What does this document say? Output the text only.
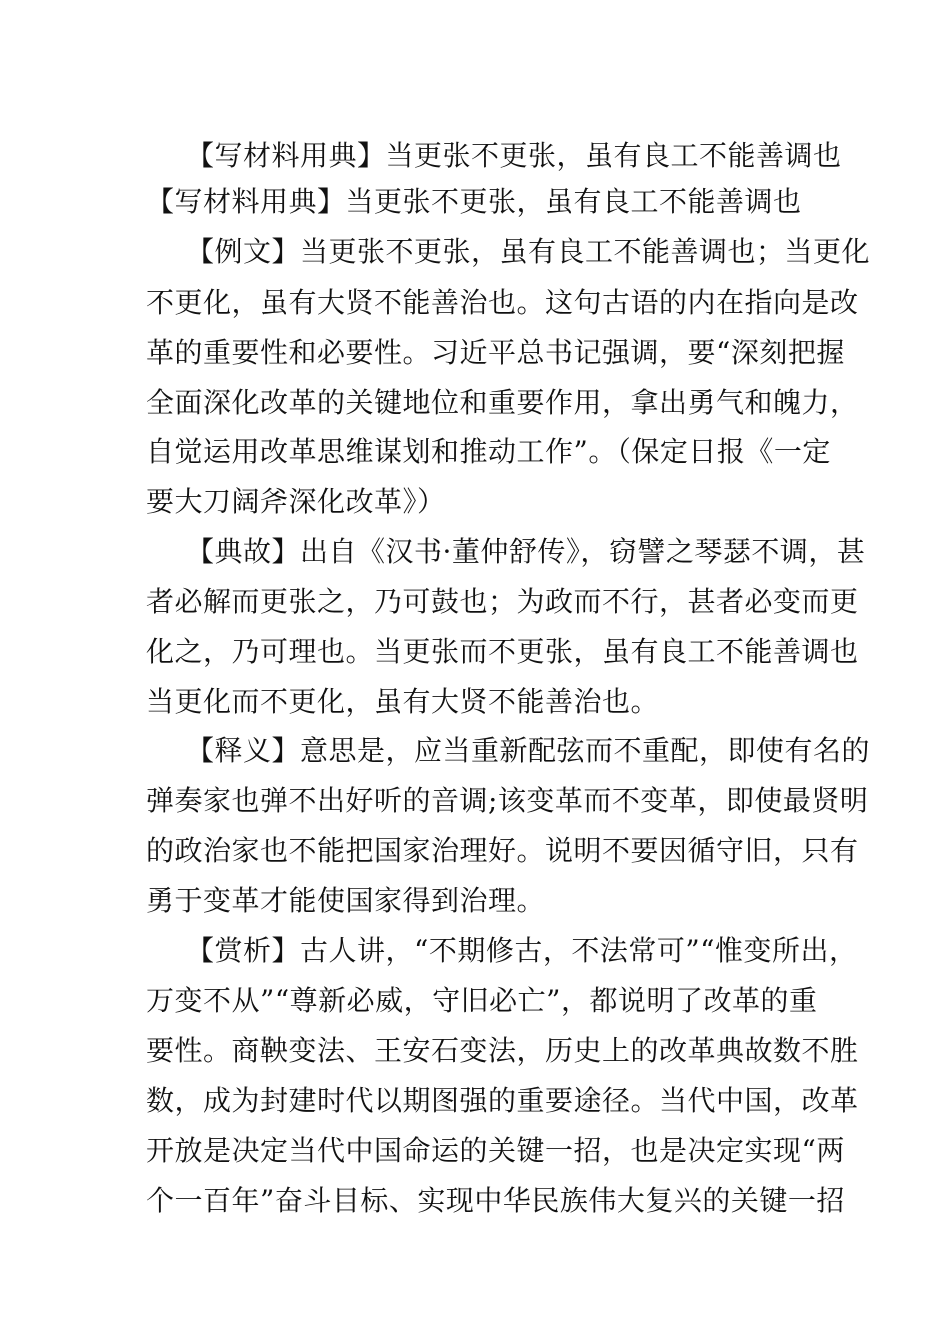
【写材料用典】当更张不更张，虽有良工不能善调也
【写材料用典】当更张不更张，虽有良工不能善调也
【例文】当更张不更张，虽有良工不能善调也；当更化
不更化，虽有大贤不能善治也。这句古语的内在指向是改
革的重要性和必要性。习近平总书记强调，要“深刻把握
全面深化改革的关键地位和重要作用，拿出勇气和魄力，
自觉运用改革思维谋划和推动工作”。（保定日报《一定
要大刀阔斧深化改革》）
【典故】出自《汉书·董仲舒传》，窃譬之琴瑟不调，甚
者必解而更张之，乃可鼓也；为政而不行，甚者必变而更
化之，乃可理也。当更张而不更张，虽有良工不能善调也
当更化而不更化，虽有大贤不能善治也。
【释义】意思是，应当重新配弦而不重配，即使有名的
弹奏家也弹不出好听的音调;该变革而不变革，即使最贤明
的政治家也不能把国家治理好。说明不要因循守旧，只有
勇于变革才能使国家得到治理。
【赏析】古人讲，“不期修古，不法常可”“惟变所出，
万变不从”“尊新必威，守旧必亡”，都说明了改革的重
要性。商鞅变法、王安石变法，历史上的改革典故数不胜
数，成为封建时代以期图强的重要途径。当代中国，改革
开放是决定当代中国命运的关键一招，也是决定实现“两
个一百年”奋斗目标、实现中华民族伟大复兴的关键一招
